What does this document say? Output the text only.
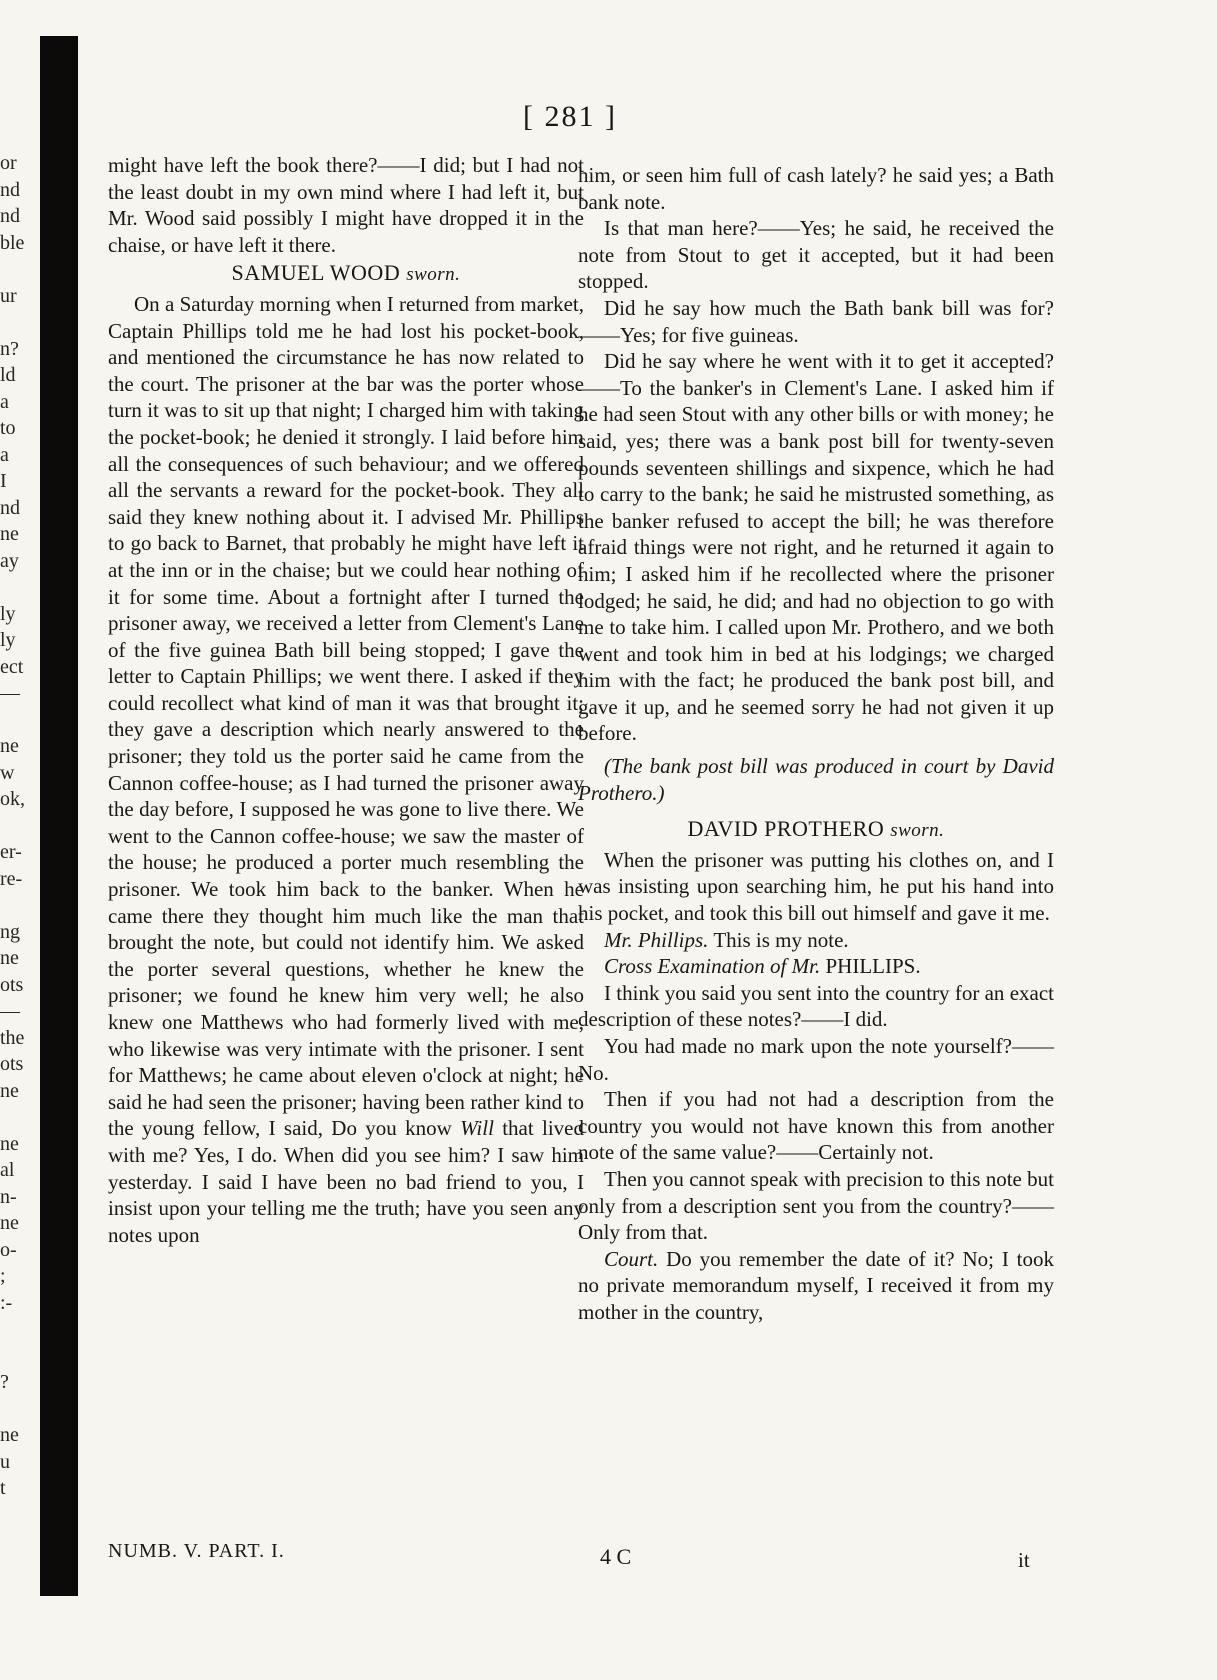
or
nd
nd
ble
ur
n?
ld
a
to
a
I
nd
ne
ay
ly
ly
ect
—
ne
w
ok,
er-
re-
ng
ne
ots
—
the
ots
ne
ne
al
n-
ne
o-
;
:-
?
ne
u
t
[ 281 ]

might have left the book there?——I did; but I had not the least doubt in my own mind where I had left it, but Mr. Wood said possibly I might have dropped it in the chaise, or have left it there.

SAMUEL WOOD sworn.

On a Saturday morning when I returned from market, Captain Phillips told me he had lost his pocket-book, and mentioned the circumstance he has now related to the court. The prisoner at the bar was the porter whose turn it was to sit up that night; I charged him with taking the pocket-book; he denied it strongly. I laid before him all the consequences of such behaviour; and we offered all the servants a reward for the pocket-book. They all said they knew nothing about it. I advised Mr. Phillips to go back to Barnet, that probably he might have left it at the inn or in the chaise; but we could hear nothing of it for some time. About a fortnight after I turned the prisoner away, we received a letter from Clement's Lane of the five guinea Bath bill being stopped; I gave the letter to Captain Phillips; we went there. I asked if they could recollect what kind of man it was that brought it; they gave a description which nearly answered to the prisoner; they told us the porter said he came from the Cannon coffee-house; as I had turned the prisoner away the day before, I supposed he was gone to live there. We went to the Cannon coffee-house; we saw the master of the house; he produced a porter much resembling the prisoner. We took him back to the banker. When he came there they thought him much like the man that brought the note, but could not identify him. We asked the porter several questions, whether he knew the prisoner; we found he knew him very well; he also knew one Matthews who had formerly lived with me, who likewise was very intimate with the prisoner. I sent for Matthews; he came about eleven o'clock at night; he said he had seen the prisoner; having been rather kind to the young fellow, I said, Do you know Will that lived with me? Yes, I do. When did you see him? I saw him yesterday. I said I have been no bad friend to you, I insist upon your telling me the truth; have you seen any notes upon

him, or seen him full of cash lately? he said yes; a Bath bank note.

Is that man here?——Yes; he said, he received the note from Stout to get it accepted, but it had been stopped.

Did he say how much the Bath bank bill was for?——Yes; for five guineas.

Did he say where he went with it to get it accepted?——To the banker's in Clement's Lane. I asked him if he had seen Stout with any other bills or with money; he said, yes; there was a bank post bill for twenty-seven pounds seventeen shillings and sixpence, which he had to carry to the bank; he said he mistrusted something, as the banker refused to accept the bill; he was therefore afraid things were not right, and he returned it again to him; I asked him if he recollected where the prisoner lodged; he said, he did; and had no objection to go with me to take him. I called upon Mr. Prothero, and we both went and took him in bed at his lodgings; we charged him with the fact; he produced the bank post bill, and gave it up, and he seemed sorry he had not given it up before.

(The bank post bill was produced in court by David Prothero.)

DAVID PROTHERO sworn.

When the prisoner was putting his clothes on, and I was insisting upon searching him, he put his hand into his pocket, and took this bill out himself and gave it me.

Mr. Phillips. This is my note.

Cross Examination of Mr. PHILLIPS.

I think you said you sent into the country for an exact description of these notes?——I did.

You had made no mark upon the note yourself?——No.

Then if you had not had a description from the country you would not have known this from another note of the same value?——Certainly not.

Then you cannot speak with precision to this note but only from a description sent you from the country?——Only from that.

Court. Do you remember the date of it? No; I took no private memorandum myself, I received it from my mother in the country,

NUMB. V. PART. I.	4 C	it
